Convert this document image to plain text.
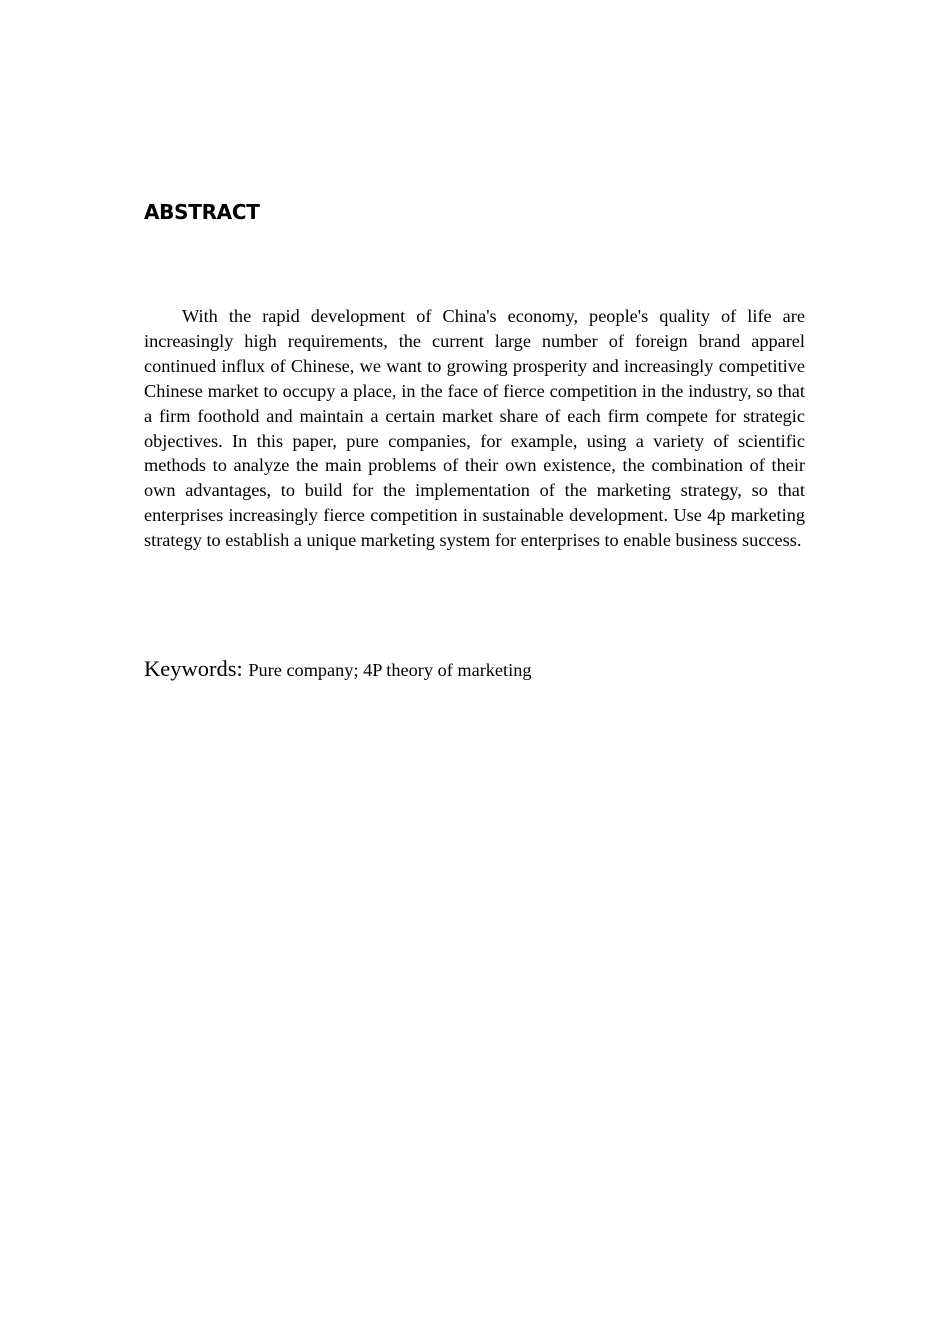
ABSTRACT

With the rapid development of China's economy, people's quality of life are increasingly high requirements, the current large number of foreign brand apparel continued influx of Chinese, we want to growing prosperity and increasingly competitive Chinese market to occupy a place, in the face of fierce competition in the industry, so that a firm foothold and maintain a certain market share of each firm compete for strategic objectives. In this paper, pure companies, for example, using a variety of scientific methods to analyze the main problems of their own existence, the combination of their own advantages, to build for the implementation of the marketing strategy, so that enterprises increasingly fierce competition in sustainable development. Use 4p marketing strategy to establish a unique marketing system for enterprises to enable business success.

Keywords: Pure company; 4P theory of marketing
